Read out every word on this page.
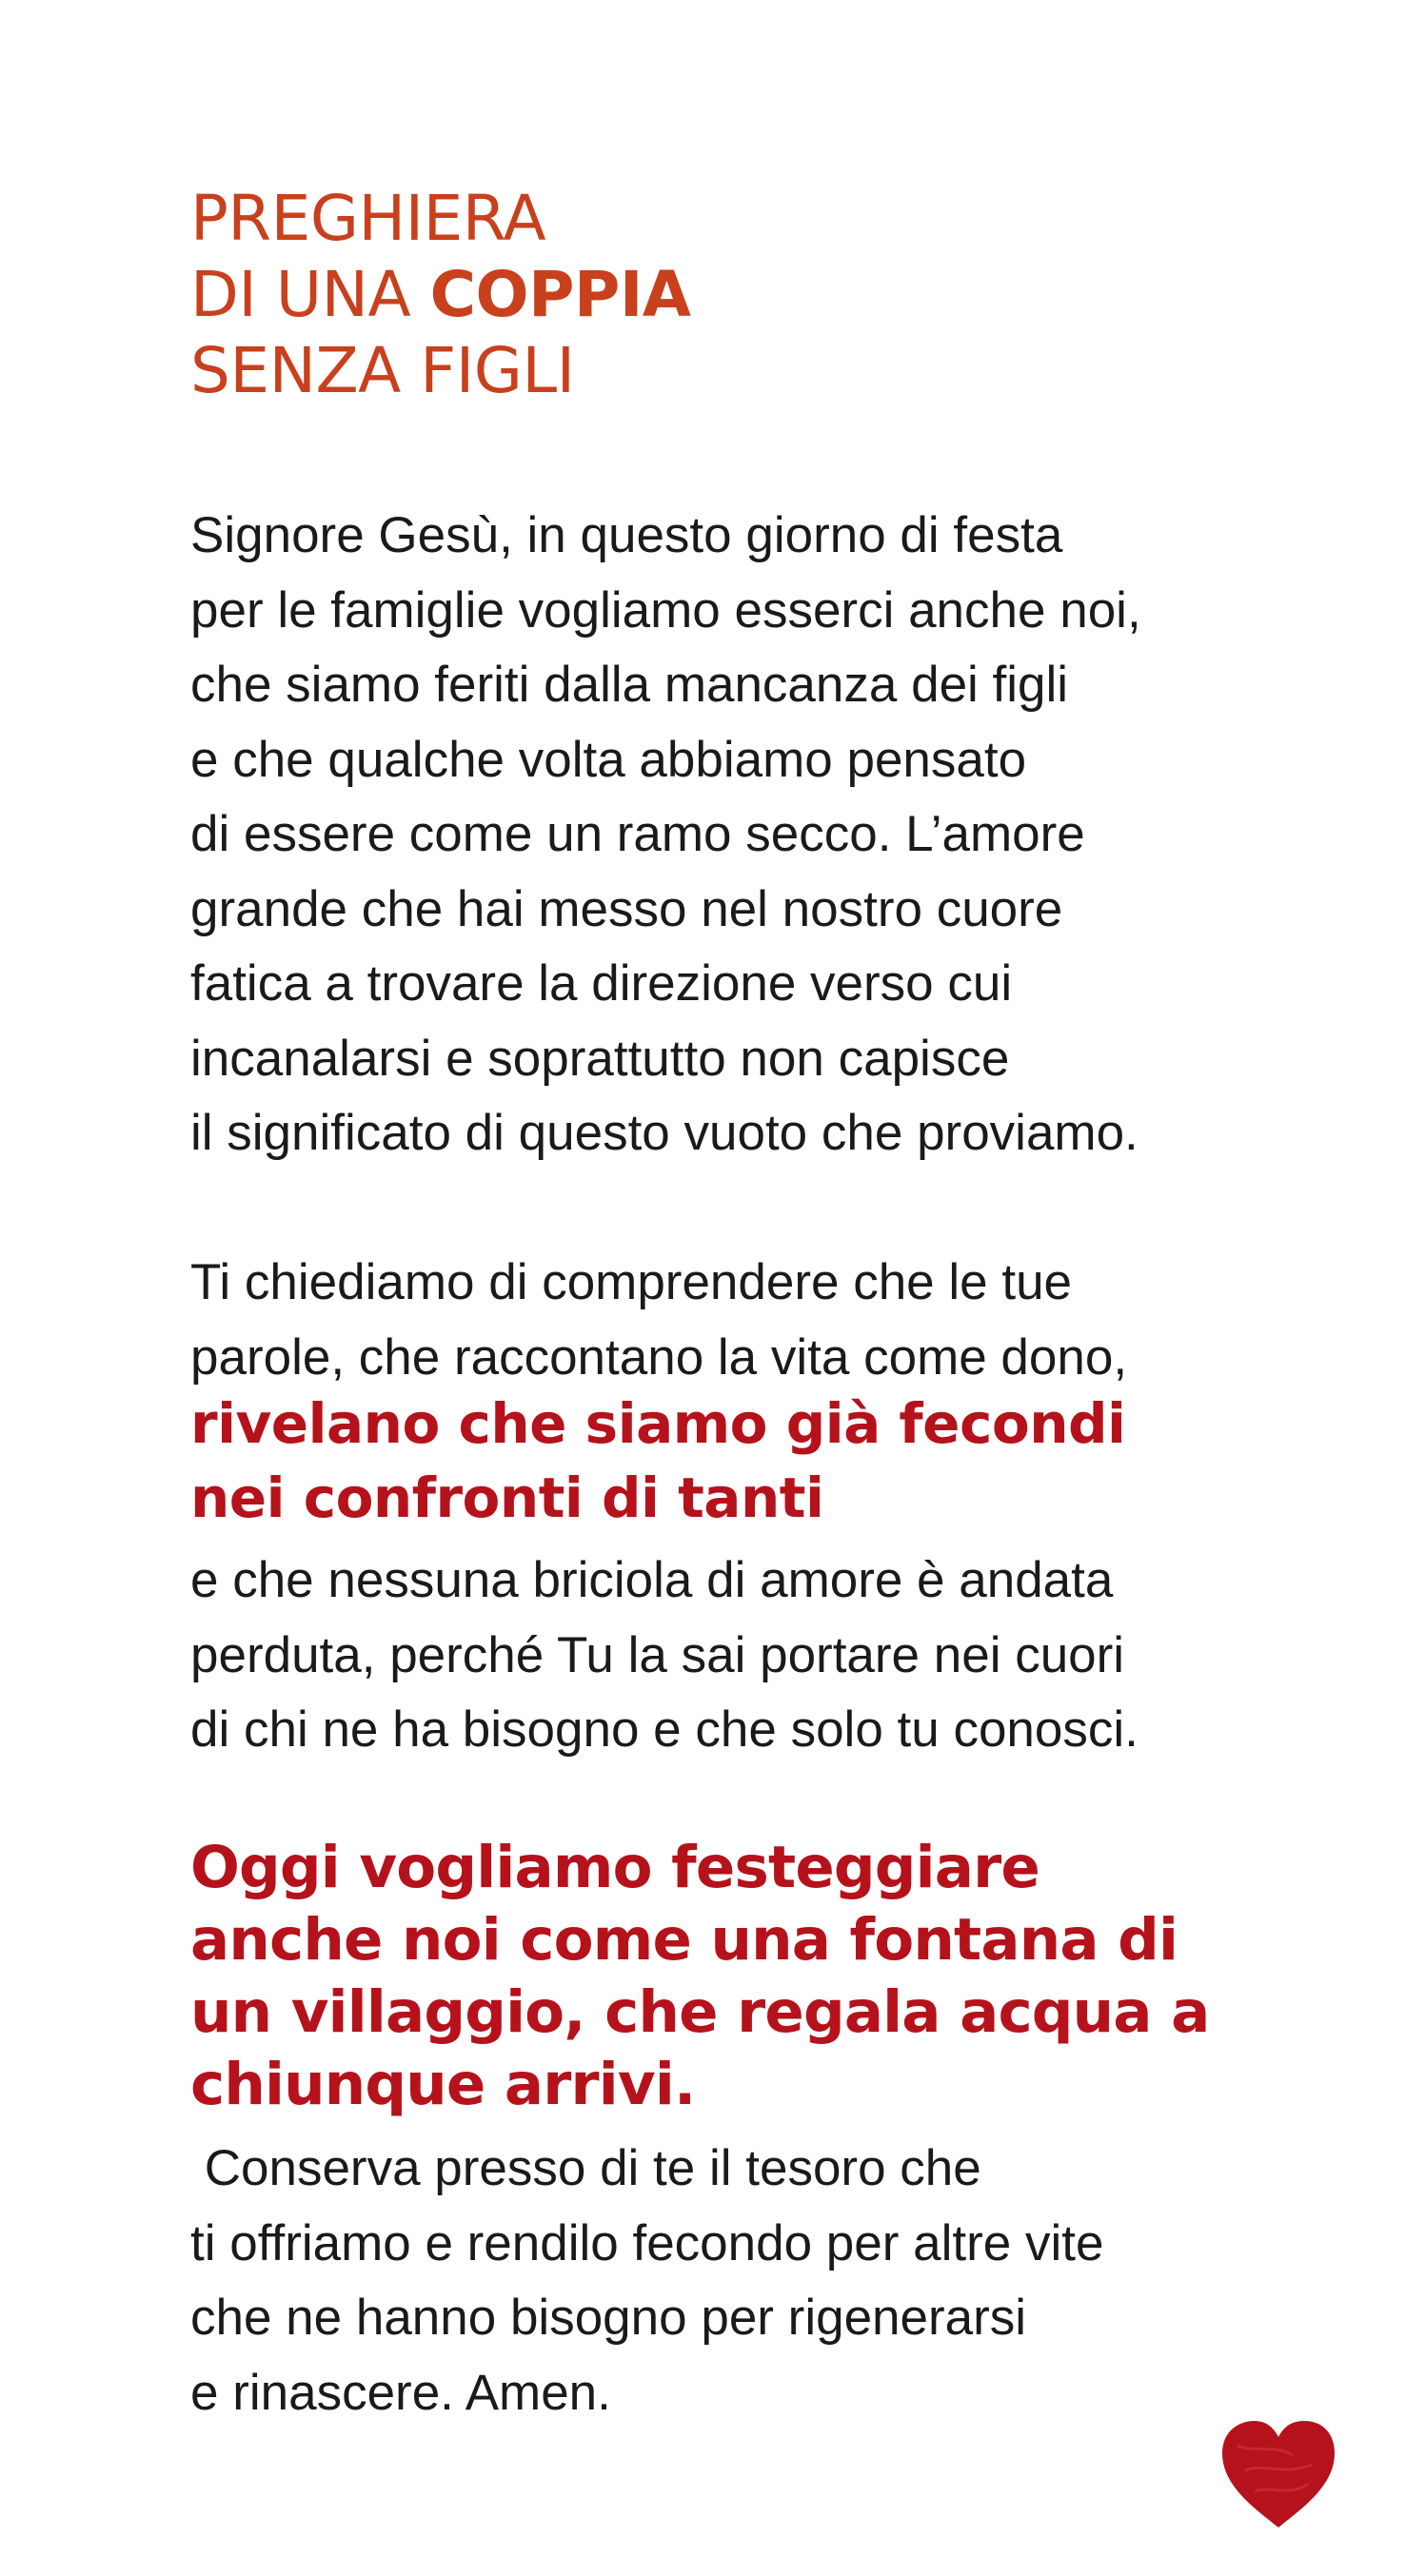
PREGHIERA
DI UNA COPPIA
SENZA FIGLI
Signore Gesù, in questo giorno di festa
per le famiglie vogliamo esserci anche noi,
che siamo feriti dalla mancanza dei figli
e che qualche volta abbiamo pensato
di essere come un ramo secco. L’amore
grande che hai messo nel nostro cuore
fatica a trovare la direzione verso cui
incanalarsi e soprattutto non capisce
il significato di questo vuoto che proviamo.
Ti chiediamo di comprendere che le tue
parole, che raccontano la vita come dono,
rivelano che siamo già fecondi
nei confronti di tanti
e che nessuna briciola di amore è andata
perduta, perché Tu la sai portare nei cuori
di chi ne ha bisogno e che solo tu conosci.
Oggi vogliamo festeggiare
anche noi come una fontana di
un villaggio, che regala acqua a
chiunque arrivi.
Conserva presso di te il tesoro che
ti offriamo e rendilo fecondo per altre vite
che ne hanno bisogno per rigenerarsi
e rinascere. Amen.
